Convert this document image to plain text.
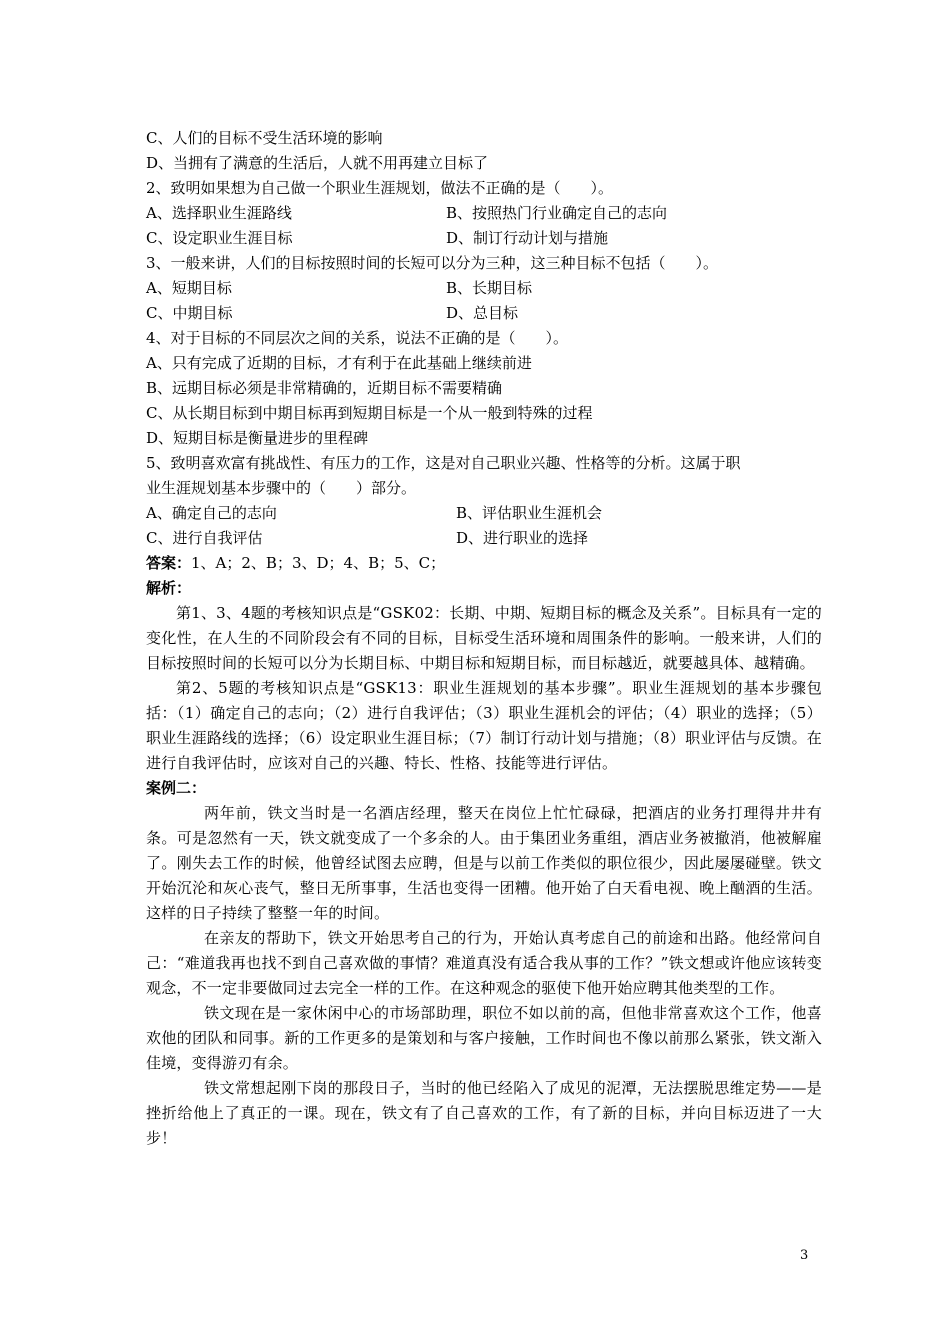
C、人们的目标不受生活环境的影响
D、当拥有了满意的生活后，人就不用再建立目标了
2、致明如果想为自己做一个职业生涯规划，做法不正确的是（　　）。
A、选择职业生涯路线	B、按照热门行业确定自己的志向
C、设定职业生涯目标	D、制订行动计划与措施
3、一般来讲，人们的目标按照时间的长短可以分为三种，这三种目标不包括（　　）。
A、短期目标	B、长期目标
C、中期目标	D、总目标
4、对于目标的不同层次之间的关系，说法不正确的是（　　）。
A、只有完成了近期的目标，才有利于在此基础上继续前进
B、远期目标必须是非常精确的，近期目标不需要精确
C、从长期目标到中期目标再到短期目标是一个从一般到特殊的过程
D、短期目标是衡量进步的里程碑
5、致明喜欢富有挑战性、有压力的工作，这是对自己职业兴趣、性格等的分析。这属于职
业生涯规划基本步骤中的（　　）部分。
A、确定自己的志向	B、评估职业生涯机会
C、进行自我评估	D、进行职业的选择
答案：1、A；2、B；3、D；4、B；5、C；
解析：
第1、3、4题的考核知识点是“GSK02：长期、中期、短期目标的概念及关系”。目标具有一定的变化性，在人生的不同阶段会有不同的目标，目标受生活环境和周围条件的影响。一般来讲，人们的目标按照时间的长短可以分为长期目标、中期目标和短期目标，而目标越近，就要越具体、越精确。
第2、5题的考核知识点是“GSK13：职业生涯规划的基本步骤”。职业生涯规划的基本步骤包括：（1）确定自己的志向；（2）进行自我评估；（3）职业生涯机会的评估；（4）职业的选择；（5）职业生涯路线的选择；（6）设定职业生涯目标；（7）制订行动计划与措施；（8）职业评估与反馈。在进行自我评估时，应该对自己的兴趣、特长、性格、技能等进行评估。
案例二：
两年前，铁文当时是一名酒店经理，整天在岗位上忙忙碌碌，把酒店的业务打理得井井有条。可是忽然有一天，铁文就变成了一个多余的人。由于集团业务重组，酒店业务被撤消，他被解雇了。刚失去工作的时候，他曾经试图去应聘，但是与以前工作类似的职位很少，因此屡屡碰壁。铁文开始沉沦和灰心丧气，整日无所事事，生活也变得一团糟。他开始了白天看电视、晚上酗酒的生活。这样的日子持续了整整一年的时间。
在亲友的帮助下，铁文开始思考自己的行为，开始认真考虑自己的前途和出路。他经常问自己：“难道我再也找不到自己喜欢做的事情？难道真没有适合我从事的工作？”铁文想或许他应该转变观念，不一定非要做同过去完全一样的工作。在这种观念的驱使下他开始应聘其他类型的工作。
铁文现在是一家休闲中心的市场部助理，职位不如以前的高，但他非常喜欢这个工作，他喜欢他的团队和同事。新的工作更多的是策划和与客户接触，工作时间也不像以前那么紧张，铁文渐入佳境，变得游刃有余。
铁文常想起刚下岗的那段日子，当时的他已经陷入了成见的泥潭，无法摆脱思维定势——是挫折给他上了真正的一课。现在，铁文有了自己喜欢的工作，有了新的目标，并向目标迈进了一大步！
3
